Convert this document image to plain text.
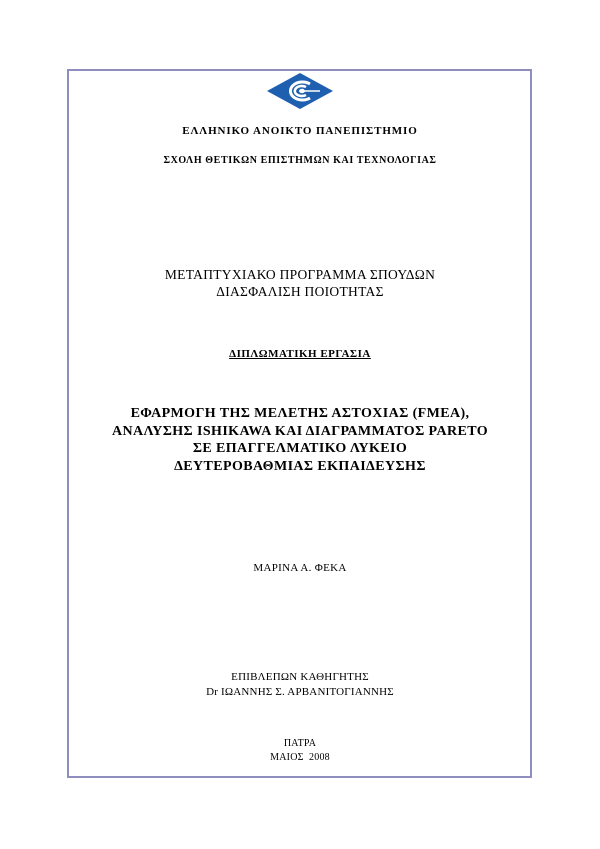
ΕΛΛΗΝΙΚΟ ΑΝΟΙΚΤΟ ΠΑΝΕΠΙΣΤΗΜΙΟ
ΣΧΟΛΗ ΘΕΤΙΚΩΝ ΕΠΙΣΤΗΜΩΝ ΚΑΙ ΤΕΧΝΟΛΟΓΙΑΣ
ΜΕΤΑΠΤΥΧΙΑΚΟ ΠΡΟΓΡΑΜΜΑ ΣΠΟΥΔΩΝ
ΔΙΑΣΦΑΛΙΣΗ ΠΟΙΟΤΗΤΑΣ
ΔΙΠΛΩΜΑΤΙΚΗ ΕΡΓΑΣΙΑ
ΕΦΑΡΜΟΓΗ ΤΗΣ ΜΕΛΕΤΗΣ ΑΣΤΟΧΙΑΣ (FMEA),
ΑΝΑΛΥΣΗΣ ISHIKAWA ΚΑΙ ΔΙΑΓΡΑΜΜΑΤΟΣ PARETO
ΣΕ ΕΠΑΓΓΕΛΜΑΤΙΚΟ ΛΥΚΕΙΟ
ΔΕΥΤΕΡΟΒΑΘΜΙΑΣ ΕΚΠΑΙΔΕΥΣΗΣ
ΜΑΡΙΝΑ Α. ΦΕΚΑ
ΕΠΙΒΛΕΠΩΝ ΚΑΘΗΓΗΤΗΣ
Dr ΙΩΑΝΝΗΣ Σ. ΑΡΒΑΝΙΤΟΓΙΑΝΝΗΣ
ΠΑΤΡΑ
ΜΑΙΟΣ  2008
